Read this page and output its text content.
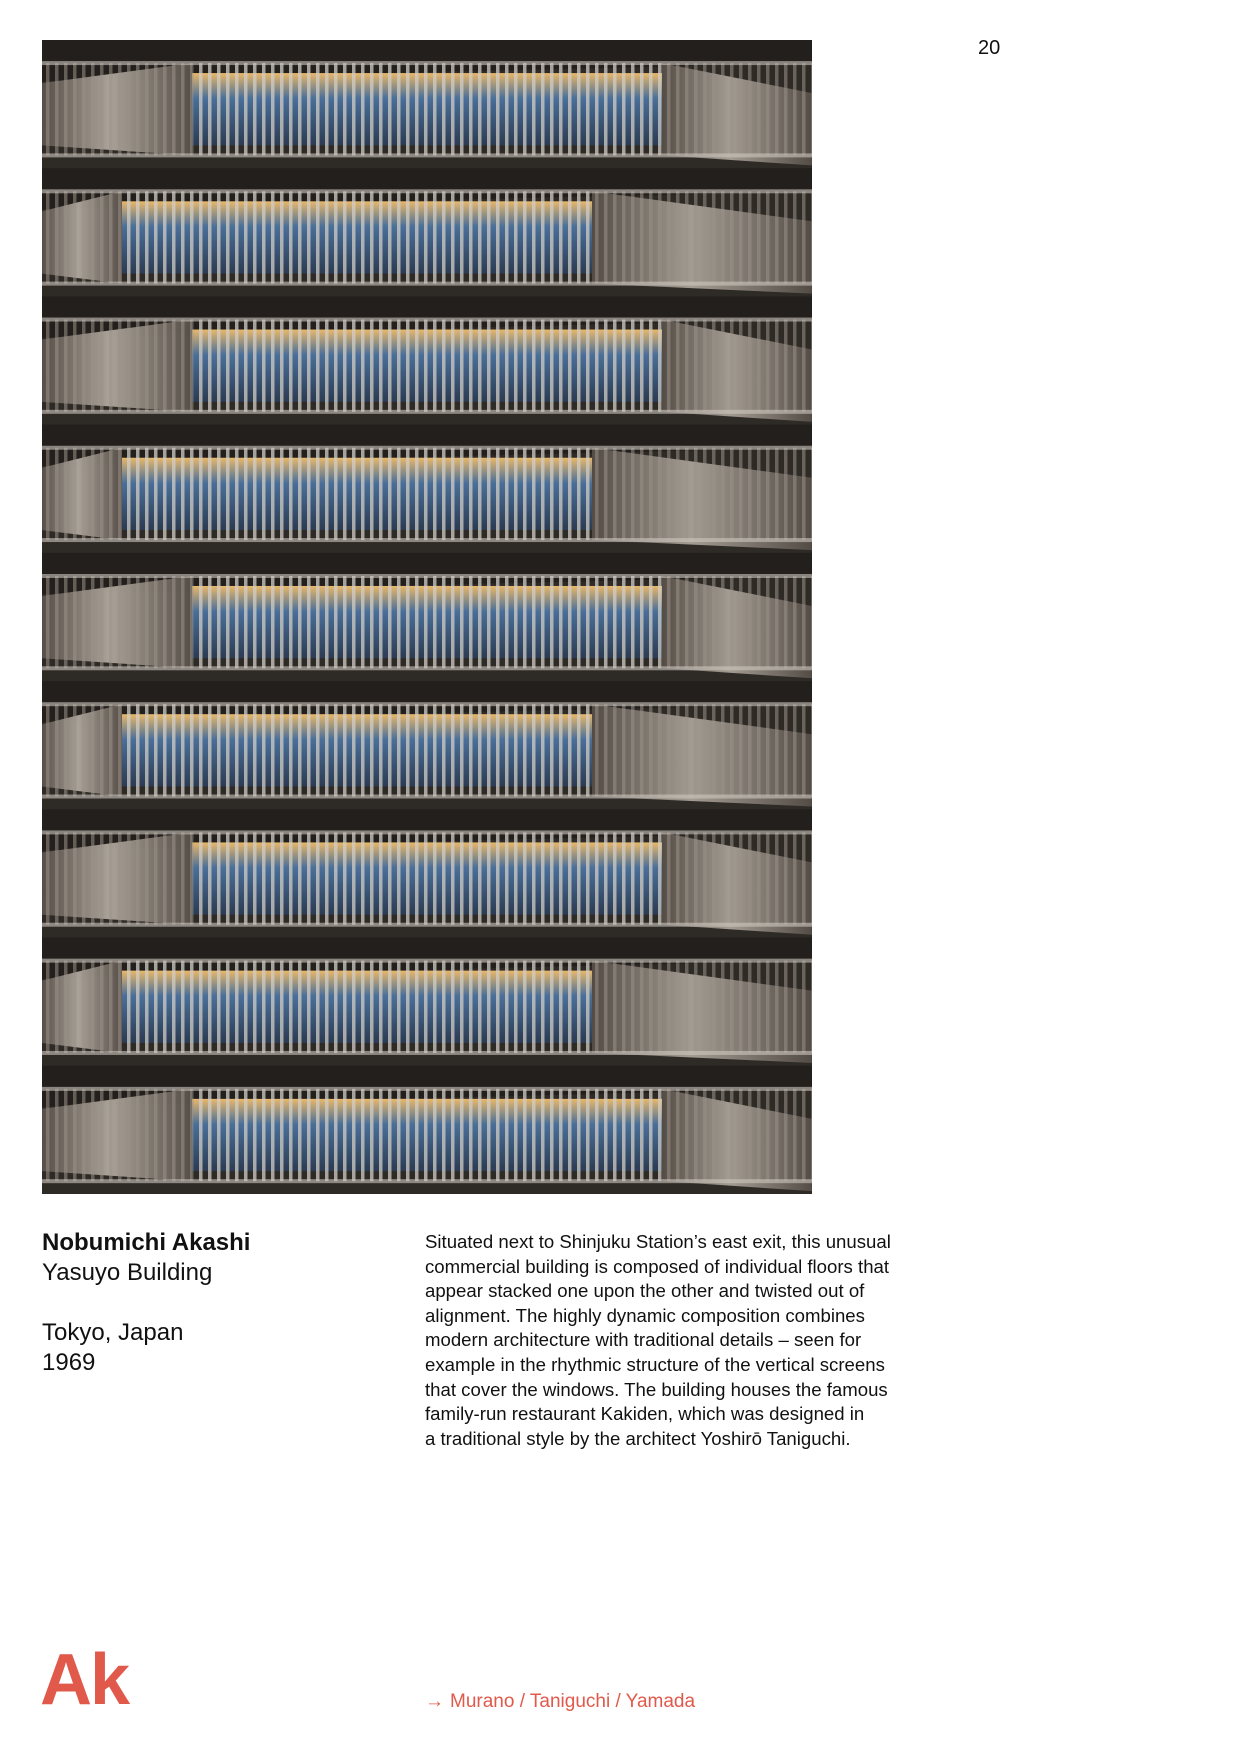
20

Nobumichi Akashi

Yasuyo Building

Tokyo, Japan

1969

Situated next to Shinjuku Station’s east exit, this unusual
commercial building is composed of individual floors that
appear stacked one upon the other and twisted out of
alignment. The highly dynamic composition combines
modern architecture with traditional details – seen for
example in the rhythmic structure of the vertical screens
that cover the windows. The building houses the famous
family-run restaurant Kakiden, which was designed in
a traditional style by the architect Yoshirō Taniguchi.

Ak	→ Murano / Taniguchi / Yamada
